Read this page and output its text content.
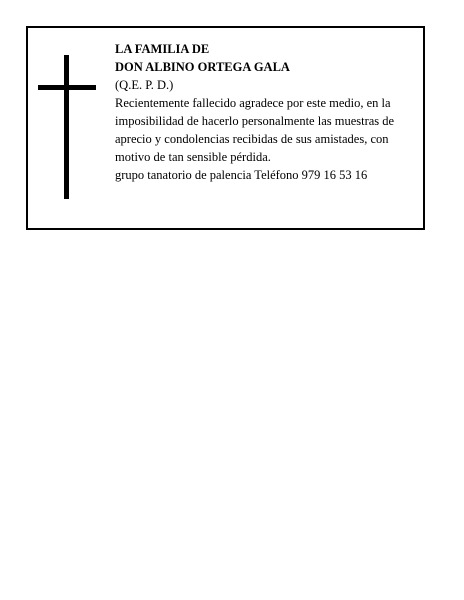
LA FAMILIA DE
DON ALBINO ORTEGA GALA
(Q.E. P. D.)
Recientemente fallecido agradece por este medio, en la imposibilidad de hacerlo personalmente las muestras de aprecio y condolencias recibidas de sus amistades, con motivo de tan sensible pérdida.
grupo tanatorio de palencia Teléfono 979 16 53 16
